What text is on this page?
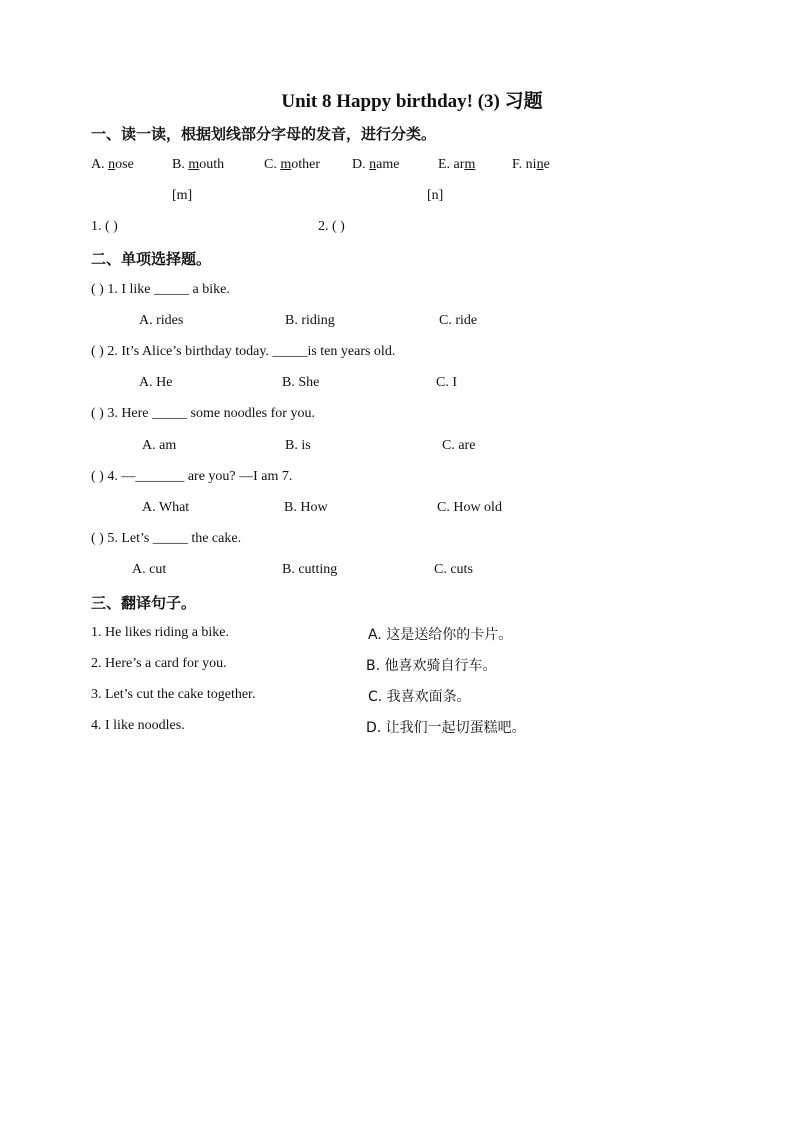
Unit 8 Happy birthday! (3) 习题
一、读一读，根据划线部分字母的发音，进行分类。
A. nose	B. mouth	C. mother D. name	E. arm	F. nine
[m]	[n]
1. ( )	2. ( )
二、单项选择题。
( ) 1. I like _____ a bike.
A. rides	B. riding	C. ride
( ) 2. It’s Alice’s birthday today. _____is ten years old.
A. He	B. She	C. I
( ) 3. Here _____ some noodles for you.
A. am	B. is	C. are
( ) 4. —_______ are you? —I am 7.
A. What	B. How	C. How old
( ) 5. Let’s _____ the cake.
A. cut	B. cutting	C. cuts
三、翻译句子。
1. He likes riding a bike.	A. 这是送给你的卡片。
2. Here’s a card for you.	B. 他喜欢骑自行车。
3. Let’s cut the cake together.	C. 我喜欢面条。
4. I like noodles.	D. 让我们一起切蛋糕吧。
